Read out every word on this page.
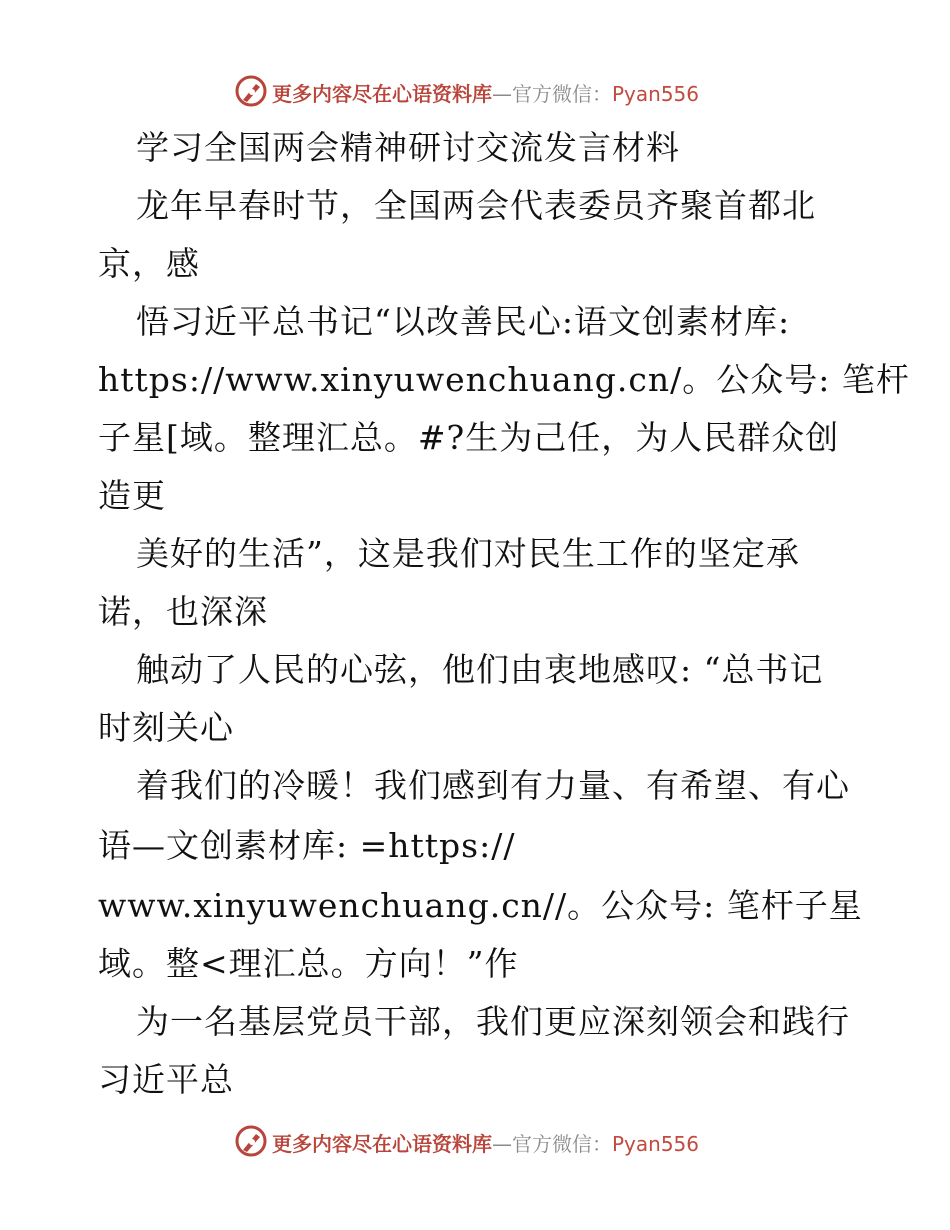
更多内容尽在心语资料库—官方微信：Pyan556
学习全国两会精神研讨交流发言材料
龙年早春时节，全国两会代表委员齐聚首都北
京，感
悟习近平总书记“以改善民心:语文创素材库:
https://www.xinyuwenchuang.cn/。公众号: 笔杆
子星[域。整理汇总。#?生为己任，为人民群众创
造更
美好的生活”，这是我们对民生工作的坚定承
诺，也深深
触动了人民的心弦，他们由衷地感叹: “总书记
时刻关心
着我们的冷暖！我们感到有力量、有希望、有心
语—文创素材库: =https://
www.xinyuwenchuang.cn//。公众号: 笔杆子星
域。整<理汇总。方向！”作
为一名基层党员干部，我们更应深刻领会和践行
习近平总
更多内容尽在心语资料库—官方微信：Pyan556
